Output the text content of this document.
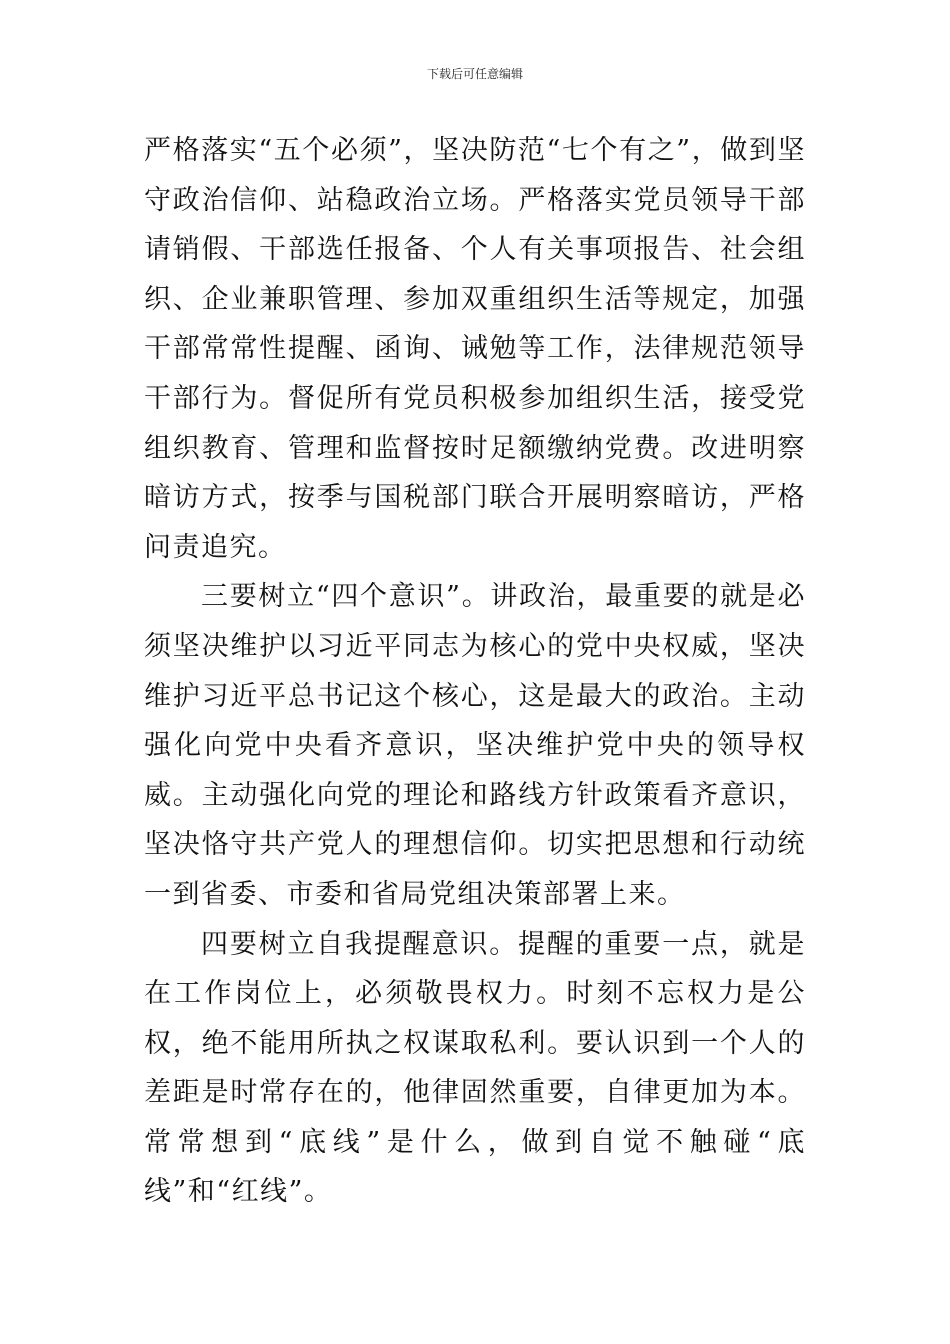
下载后可任意编辑

严格落实“五个必须”，坚决防范“七个有之”，做到坚守政治信仰、站稳政治立场。严格落实党员领导干部请销假、干部选任报备、个人有关事项报告、社会组织、企业兼职管理、参加双重组织生活等规定，加强干部常常性提醒、函询、诫勉等工作，法律规范领导干部行为。督促所有党员积极参加组织生活，接受党组织教育、管理和监督按时足额缴纳党费。改进明察暗访方式，按季与国税部门联合开展明察暗访，严格问责追究。

三要树立“四个意识”。讲政治，最重要的就是必须坚决维护以习近平同志为核心的党中央权威，坚决维护习近平总书记这个核心，这是最大的政治。主动强化向党中央看齐意识，坚决维护党中央的领导权威。主动强化向党的理论和路线方针政策看齐意识，坚决恪守共产党人的理想信仰。切实把思想和行动统一到省委、市委和省局党组决策部署上来。

四要树立自我提醒意识。提醒的重要一点，就是在工作岗位上，必须敬畏权力。时刻不忘权力是公权，绝不能用所执之权谋取私利。要认识到一个人的差距是时常存在的，他律固然重要，自律更加为本。常常想到“底线”是什么，做到自觉不触碰“底线”和“红线”。
